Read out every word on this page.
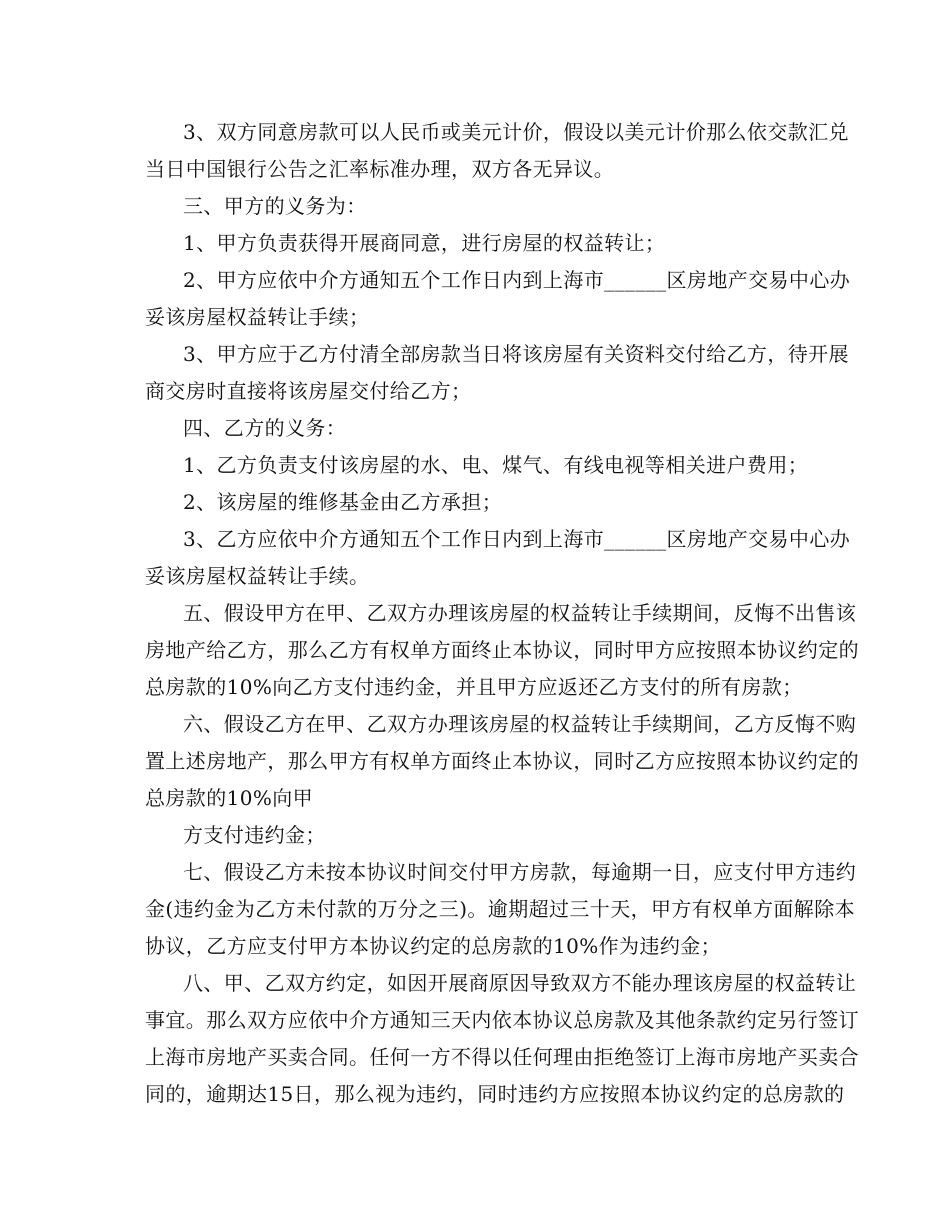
3、双方同意房款可以人民币或美元计价，假设以美元计价那么依交款汇兑
当日中国银行公告之汇率标准办理，双方各无异议。
三、甲方的义务为：
1、甲方负责获得开展商同意，进行房屋的权益转让；
2、甲方应依中介方通知五个工作日内到上海市______区房地产交易中心办
妥该房屋权益转让手续；
3、甲方应于乙方付清全部房款当日将该房屋有关资料交付给乙方，待开展
商交房时直接将该房屋交付给乙方；
四、乙方的义务：
1、乙方负责支付该房屋的水、电、煤气、有线电视等相关进户费用；
2、该房屋的维修基金由乙方承担；
3、乙方应依中介方通知五个工作日内到上海市______区房地产交易中心办
妥该房屋权益转让手续。
五、假设甲方在甲、乙双方办理该房屋的权益转让手续期间，反悔不出售该
房地产给乙方，那么乙方有权单方面终止本协议，同时甲方应按照本协议约定的
总房款的10%向乙方支付违约金，并且甲方应返还乙方支付的所有房款；
六、假设乙方在甲、乙双方办理该房屋的权益转让手续期间，乙方反悔不购
置上述房地产，那么甲方有权单方面终止本协议，同时乙方应按照本协议约定的
总房款的10%向甲
方支付违约金；
七、假设乙方未按本协议时间交付甲方房款，每逾期一日，应支付甲方违约
金(违约金为乙方未付款的万分之三)。逾期超过三十天，甲方有权单方面解除本
协议，乙方应支付甲方本协议约定的总房款的10%作为违约金；
八、甲、乙双方约定，如因开展商原因导致双方不能办理该房屋的权益转让
事宜。那么双方应依中介方通知三天内依本协议总房款及其他条款约定另行签订
上海市房地产买卖合同。任何一方不得以任何理由拒绝签订上海市房地产买卖合
同的，逾期达15日，那么视为违约，同时违约方应按照本协议约定的总房款的
